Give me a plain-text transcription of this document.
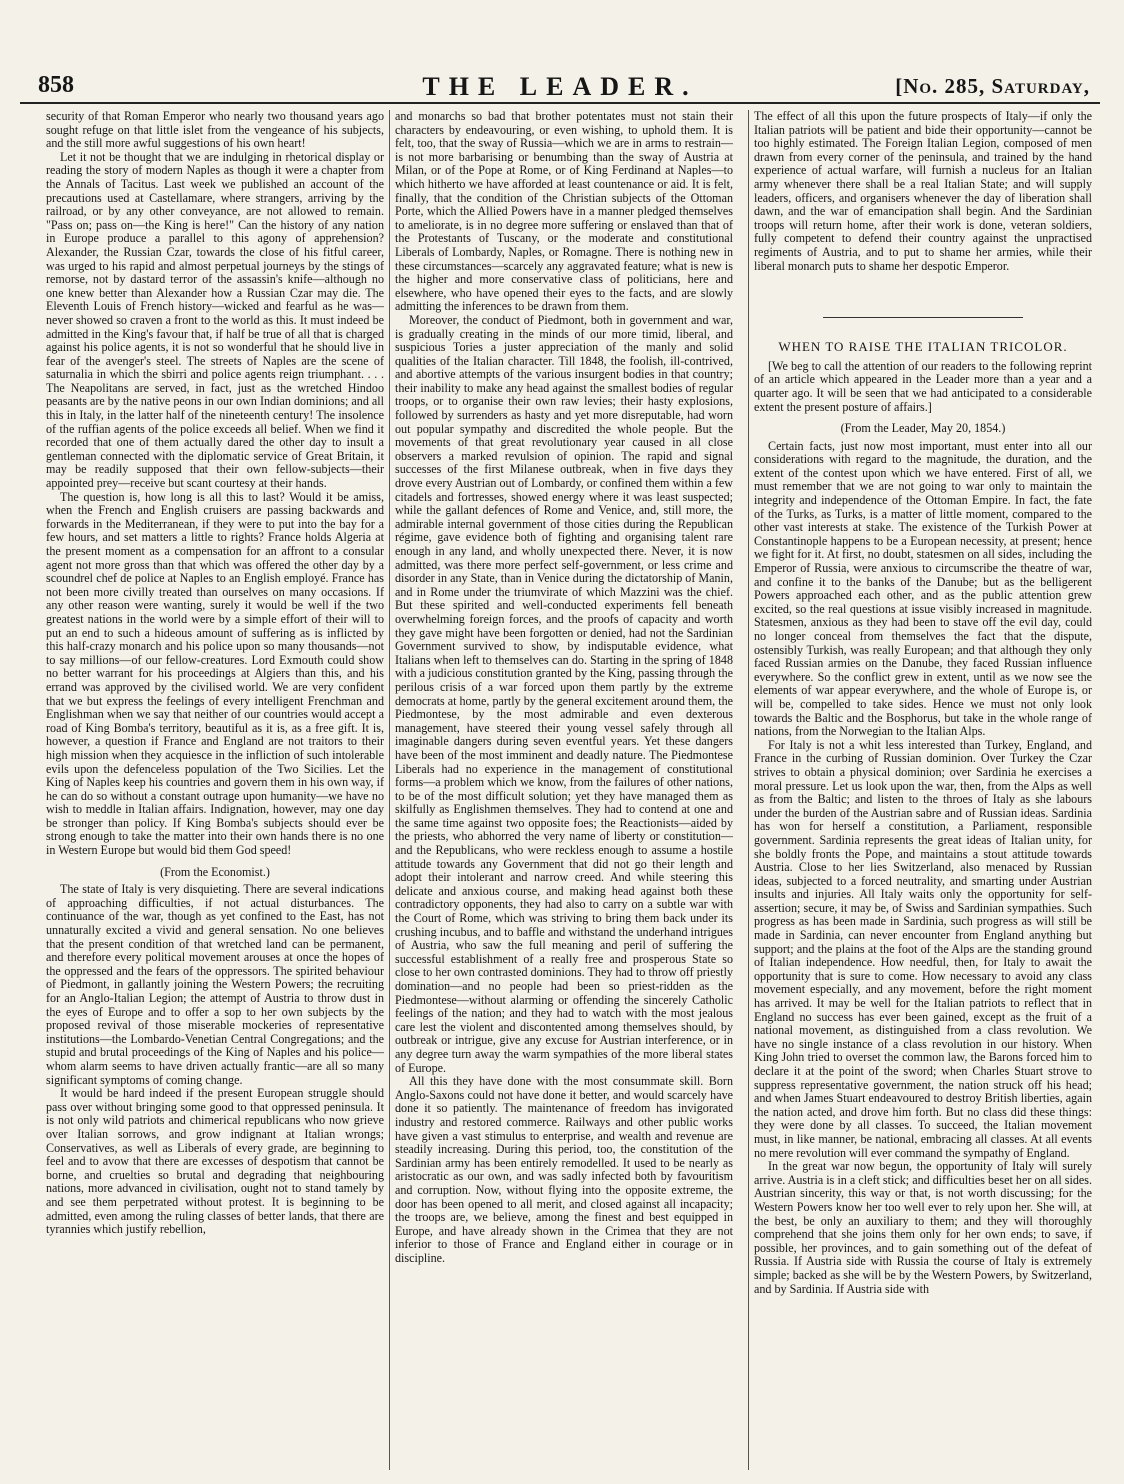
858	THE LEADER.	[No. 285, Saturday,

security of that Roman Emperor who nearly two thousand years ago sought refuge on that little islet from the vengeance of his subjects, and the still more awful suggestions of his own heart!

Let it not be thought that we are indulging in rhetorical display or reading the story of modern Naples as though it were a chapter from the Annals of Tacitus. Last week we published an account of the precautions used at Castellamare, where strangers, arriving by the railroad, or by any other conveyance, are not allowed to remain. "Pass on; pass on—the King is here!" Can the history of any nation in Europe produce a parallel to this agony of apprehension? Alexander, the Russian Czar, towards the close of his fitful career, was urged to his rapid and almost perpetual journeys by the stings of remorse, not by dastard terror of the assassin's knife—although no one knew better than Alexander how a Russian Czar may die. The Eleventh Louis of French history—wicked and fearful as he was—never showed so craven a front to the world as this. It must indeed be admitted in the King's favour that, if half be true of all that is charged against his police agents, it is not so wonderful that he should live in fear of the avenger's steel. The streets of Naples are the scene of saturnalia in which the sbirri and police agents reign triumphant. . . . The Neapolitans are served, in fact, just as the wretched Hindoo peasants are by the native peons in our own Indian dominions; and all this in Italy, in the latter half of the nineteenth century! The insolence of the ruffian agents of the police exceeds all belief. When we find it recorded that one of them actually dared the other day to insult a gentleman connected with the diplomatic service of Great Britain, it may be readily supposed that their own fellow-subjects—their appointed prey—receive but scant courtesy at their hands.

The question is, how long is all this to last? Would it be amiss, when the French and English cruisers are passing backwards and forwards in the Mediterranean, if they were to put into the bay for a few hours, and set matters a little to rights? France holds Algeria at the present moment as a compensation for an affront to a consular agent not more gross than that which was offered the other day by a scoundrel chef de police at Naples to an English employé. France has not been more civilly treated than ourselves on many occasions. If any other reason were wanting, surely it would be well if the two greatest nations in the world were by a simple effort of their will to put an end to such a hideous amount of suffering as is inflicted by this half-crazy monarch and his police upon so many thousands—not to say millions—of our fellow-creatures. Lord Exmouth could show no better warrant for his proceedings at Algiers than this, and his errand was approved by the civilised world. We are very confident that we but express the feelings of every intelligent Frenchman and Englishman when we say that neither of our countries would accept a road of King Bomba's territory, beautiful as it is, as a free gift. It is, however, a question if France and England are not traitors to their high mission when they acquiesce in the infliction of such intolerable evils upon the defenceless population of the Two Sicilies. Let the King of Naples keep his countries and govern them in his own way, if he can do so without a constant outrage upon humanity—we have no wish to meddle in Italian affairs. Indignation, however, may one day be stronger than policy. If King Bomba's subjects should ever be strong enough to take the matter into their own hands there is no one in Western Europe but would bid them God speed!

(From the Economist.)

The state of Italy is very disquieting. There are several indications of approaching difficulties, if not actual disturbances. The continuance of the war, though as yet confined to the East, has not unnaturally excited a vivid and general sensation. No one believes that the present condition of that wretched land can be permanent, and therefore every political movement arouses at once the hopes of the oppressed and the fears of the oppressors. The spirited behaviour of Piedmont, in gallantly joining the Western Powers; the recruiting for an Anglo-Italian Legion; the attempt of Austria to throw dust in the eyes of Europe and to offer a sop to her own subjects by the proposed revival of those miserable mockeries of representative institutions—the Lombardo-Venetian Central Congregations; and the stupid and brutal proceedings of the King of Naples and his police—whom alarm seems to have driven actually frantic—are all so many significant symptoms of coming change.

It would be hard indeed if the present European struggle should pass over without bringing some good to that oppressed peninsula. It is not only wild patriots and chimerical republicans who now grieve over Italian sorrows, and grow indignant at Italian wrongs; Conservatives, as well as Liberals of every grade, are beginning to feel and to avow that there are excesses of despotism that cannot be borne, and cruelties so brutal and degrading that neighbouring nations, more advanced in civilisation, ought not to stand tamely by and see them perpetrated without protest. It is beginning to be admitted, even among the ruling classes of better lands, that there are tyrannies which justify rebellion,

and monarchs so bad that brother potentates must not stain their characters by endeavouring, or even wishing, to uphold them. It is felt, too, that the sway of Russia—which we are in arms to restrain—is not more barbarising or benumbing than the sway of Austria at Milan, or of the Pope at Rome, or of King Ferdinand at Naples—to which hitherto we have afforded at least countenance or aid. It is felt, finally, that the condition of the Christian subjects of the Ottoman Porte, which the Allied Powers have in a manner pledged themselves to ameliorate, is in no degree more suffering or enslaved than that of the Protestants of Tuscany, or the moderate and constitutional Liberals of Lombardy, Naples, or Romagne. There is nothing new in these circumstances—scarcely any aggravated feature; what is new is the higher and more conservative class of politicians, here and elsewhere, who have opened their eyes to the facts, and are slowly admitting the inferences to be drawn from them.

Moreover, the conduct of Piedmont, both in government and war, is gradually creating in the minds of our more timid, liberal, and suspicious Tories a juster appreciation of the manly and solid qualities of the Italian character. Till 1848, the foolish, ill-contrived, and abortive attempts of the various insurgent bodies in that country; their inability to make any head against the smallest bodies of regular troops, or to organise their own raw levies; their hasty explosions, followed by surrenders as hasty and yet more disreputable, had worn out popular sympathy and discredited the whole people. But the movements of that great revolutionary year caused in all close observers a marked revulsion of opinion. The rapid and signal successes of the first Milanese outbreak, when in five days they drove every Austrian out of Lombardy, or confined them within a few citadels and fortresses, showed energy where it was least suspected; while the gallant defences of Rome and Venice, and, still more, the admirable internal government of those cities during the Republican régime, gave evidence both of fighting and organising talent rare enough in any land, and wholly unexpected there. Never, it is now admitted, was there more perfect self-government, or less crime and disorder in any State, than in Venice during the dictatorship of Manin, and in Rome under the triumvirate of which Mazzini was the chief. But these spirited and well-conducted experiments fell beneath overwhelming foreign forces, and the proofs of capacity and worth they gave might have been forgotten or denied, had not the Sardinian Government survived to show, by indisputable evidence, what Italians when left to themselves can do. Starting in the spring of 1848 with a judicious constitution granted by the King, passing through the perilous crisis of a war forced upon them partly by the extreme democrats at home, partly by the general excitement around them, the Piedmontese, by the most admirable and even dexterous management, have steered their young vessel safely through all imaginable dangers during seven eventful years. Yet these dangers have been of the most imminent and deadly nature. The Piedmontese Liberals had no experience in the management of constitutional forms—a problem which we know, from the failures of other nations, to be of the most difficult solution; yet they have managed them as skilfully as Englishmen themselves. They had to contend at one and the same time against two opposite foes; the Reactionists—aided by the priests, who abhorred the very name of liberty or constitution—and the Republicans, who were reckless enough to assume a hostile attitude towards any Government that did not go their length and adopt their intolerant and narrow creed. And while steering this delicate and anxious course, and making head against both these contradictory opponents, they had also to carry on a subtle war with the Court of Rome, which was striving to bring them back under its crushing incubus, and to baffle and withstand the underhand intrigues of Austria, who saw the full meaning and peril of suffering the successful establishment of a really free and prosperous State so close to her own contrasted dominions. They had to throw off priestly domination—and no people had been so priest-ridden as the Piedmontese—without alarming or offending the sincerely Catholic feelings of the nation; and they had to watch with the most jealous care lest the violent and discontented among themselves should, by outbreak or intrigue, give any excuse for Austrian interference, or in any degree turn away the warm sympathies of the more liberal states of Europe.

All this they have done with the most consummate skill. Born Anglo-Saxons could not have done it better, and would scarcely have done it so patiently. The maintenance of freedom has invigorated industry and restored commerce. Railways and other public works have given a vast stimulus to enterprise, and wealth and revenue are steadily increasing. During this period, too, the constitution of the Sardinian army has been entirely remodelled. It used to be nearly as aristocratic as our own, and was sadly infected both by favouritism and corruption. Now, without flying into the opposite extreme, the door has been opened to all merit, and closed against all incapacity; the troops are, we believe, among the finest and best equipped in Europe, and have already shown in the Crimea that they are not inferior to those of France and England either in courage or in discipline.

The effect of all this upon the future prospects of Italy—if only the Italian patriots will be patient and bide their opportunity—cannot be too highly estimated. The Foreign Italian Legion, composed of men drawn from every corner of the peninsula, and trained by the hand experience of actual warfare, will furnish a nucleus for an Italian army whenever there shall be a real Italian State; and will supply leaders, officers, and organisers whenever the day of liberation shall dawn, and the war of emancipation shall begin. And the Sardinian troops will return home, after their work is done, veteran soldiers, fully competent to defend their country against the unpractised regiments of Austria, and to put to shame her armies, while their liberal monarch puts to shame her despotic Emperor.

WHEN TO RAISE THE ITALIAN TRICOLOR.

[We beg to call the attention of our readers to the following reprint of an article which appeared in the Leader more than a year and a quarter ago. It will be seen that we had anticipated to a considerable extent the present posture of affairs.]

(From the Leader, May 20, 1854.)

Certain facts, just now most important, must enter into all our considerations with regard to the magnitude, the duration, and the extent of the contest upon which we have entered. First of all, we must remember that we are not going to war only to maintain the integrity and independence of the Ottoman Empire. In fact, the fate of the Turks, as Turks, is a matter of little moment, compared to the other vast interests at stake. The existence of the Turkish Power at Constantinople happens to be a European necessity, at present; hence we fight for it. At first, no doubt, statesmen on all sides, including the Emperor of Russia, were anxious to circumscribe the theatre of war, and confine it to the banks of the Danube; but as the belligerent Powers approached each other, and as the public attention grew excited, so the real questions at issue visibly increased in magnitude. Statesmen, anxious as they had been to stave off the evil day, could no longer conceal from themselves the fact that the dispute, ostensibly Turkish, was really European; and that although they only faced Russian armies on the Danube, they faced Russian influence everywhere. So the conflict grew in extent, until as we now see the elements of war appear everywhere, and the whole of Europe is, or will be, compelled to take sides. Hence we must not only look towards the Baltic and the Bosphorus, but take in the whole range of nations, from the Norwegian to the Italian Alps.

For Italy is not a whit less interested than Turkey, England, and France in the curbing of Russian dominion. Over Turkey the Czar strives to obtain a physical dominion; over Sardinia he exercises a moral pressure. Let us look upon the war, then, from the Alps as well as from the Baltic; and listen to the throes of Italy as she labours under the burden of the Austrian sabre and of Russian ideas. Sardinia has won for herself a constitution, a Parliament, responsible government. Sardinia represents the great ideas of Italian unity, for she boldly fronts the Pope, and maintains a stout attitude towards Austria. Close to her lies Switzerland, also menaced by Russian ideas, subjected to a forced neutrality, and smarting under Austrian insults and injuries. All Italy waits only the opportunity for self-assertion; secure, it may be, of Swiss and Sardinian sympathies. Such progress as has been made in Sardinia, such progress as will still be made in Sardinia, can never encounter from England anything but support; and the plains at the foot of the Alps are the standing ground of Italian independence. How needful, then, for Italy to await the opportunity that is sure to come. How necessary to avoid any class movement especially, and any movement, before the right moment has arrived. It may be well for the Italian patriots to reflect that in England no success has ever been gained, except as the fruit of a national movement, as distinguished from a class revolution. We have no single instance of a class revolution in our history. When King John tried to overset the common law, the Barons forced him to declare it at the point of the sword; when Charles Stuart strove to suppress representative government, the nation struck off his head; and when James Stuart endeavoured to destroy British liberties, again the nation acted, and drove him forth. But no class did these things: they were done by all classes. To succeed, the Italian movement must, in like manner, be national, embracing all classes. At all events no mere revolution will ever command the sympathy of England.

In the great war now begun, the opportunity of Italy will surely arrive. Austria is in a cleft stick; and difficulties beset her on all sides. Austrian sincerity, this way or that, is not worth discussing; for the Western Powers know her too well ever to rely upon her. She will, at the best, be only an auxiliary to them; and they will thoroughly comprehend that she joins them only for her own ends; to save, if possible, her provinces, and to gain something out of the defeat of Russia. If Austria side with Russia the course of Italy is extremely simple; backed as she will be by the Western Powers, by Switzerland, and by Sardinia. If Austria side with
